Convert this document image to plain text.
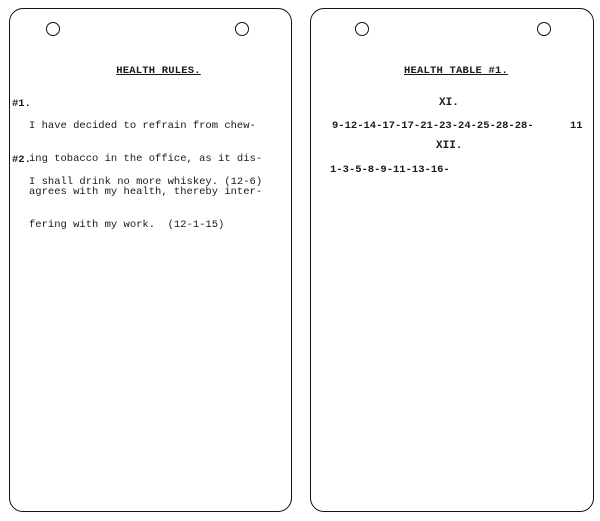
HEALTH RULES.

#1.

I have decided to refrain from chew-

ing tobacco in the office, as it dis-

agrees with my health, thereby inter-

fering with my work.  (12-1-15)

#2.

I shall drink no more whiskey. (12-6)

HEALTH TABLE #1.
XI.
9-12-14-17-17-21-23-24-25-28-28-	11
XII.
1-3-5-8-9-11-13-16-
